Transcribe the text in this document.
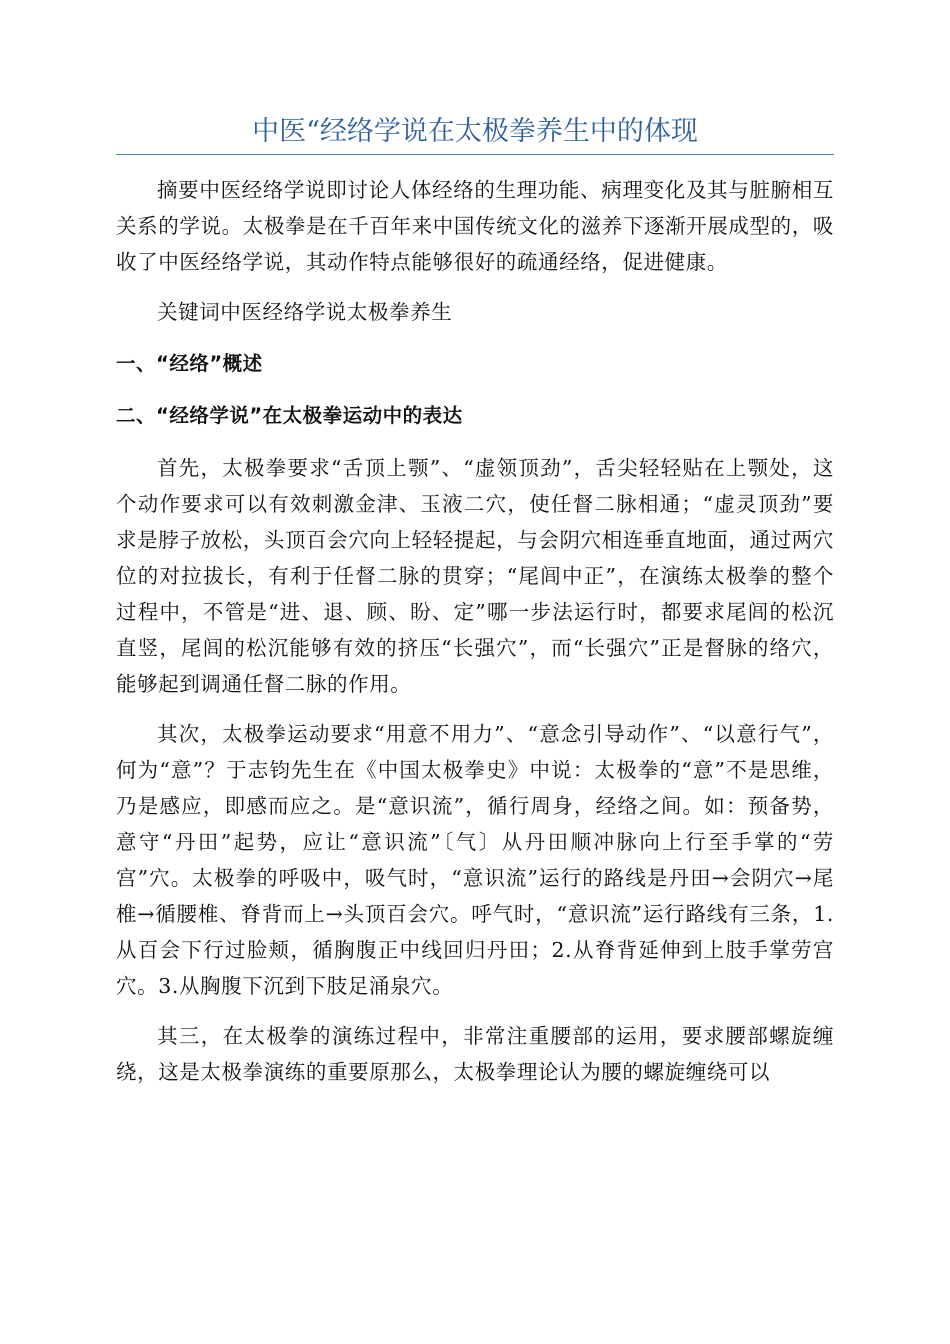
中医“经络学说在太极拳养生中的体现

摘要中医经络学说即讨论人体经络的生理功能、病理变化及其与脏腑相互关系的学说。太极拳是在千百年来中国传统文化的滋养下逐渐开展成型的，吸收了中医经络学说，其动作特点能够很好的疏通经络，促进健康。

关键词中医经络学说太极拳养生

一、“经络”概述

二、“经络学说”在太极拳运动中的表达

首先，太极拳要求“舌顶上颚”、“虚领顶劲”，舌尖轻轻贴在上颚处，这个动作要求可以有效刺激金津、玉液二穴，使任督二脉相通；“虚灵顶劲”要求是脖子放松，头顶百会穴向上轻轻提起，与会阴穴相连垂直地面，通过两穴位的对拉拔长，有利于任督二脉的贯穿；“尾闾中正”，在演练太极拳的整个过程中，不管是“进、退、顾、盼、定”哪一步法运行时，都要求尾闾的松沉直竖，尾闾的松沉能够有效的挤压“长强穴”，而“长强穴”正是督脉的络穴，能够起到调通任督二脉的作用。

其次，太极拳运动要求“用意不用力”、“意念引导动作”、“以意行气”，何为“意”？于志钧先生在《中国太极拳史》中说：太极拳的“意”不是思维，乃是感应，即感而应之。是“意识流”，循行周身，经络之间。如：预备势，意守“丹田”起势，应让“意识流”〔气〕从丹田顺冲脉向上行至手掌的“劳宫”穴。太极拳的呼吸中，吸气时，“意识流”运行的路线是丹田→会阴穴→尾椎→循腰椎、脊背而上→头顶百会穴。呼气时，“意识流”运行路线有三条，1.从百会下行过脸颊，循胸腹正中线回归丹田；2.从脊背延伸到上肢手掌劳宫穴。3.从胸腹下沉到下肢足涌泉穴。

其三，在太极拳的演练过程中，非常注重腰部的运用，要求腰部螺旋缠绕，这是太极拳演练的重要原那么，太极拳理论认为腰的螺旋缠绕可以
